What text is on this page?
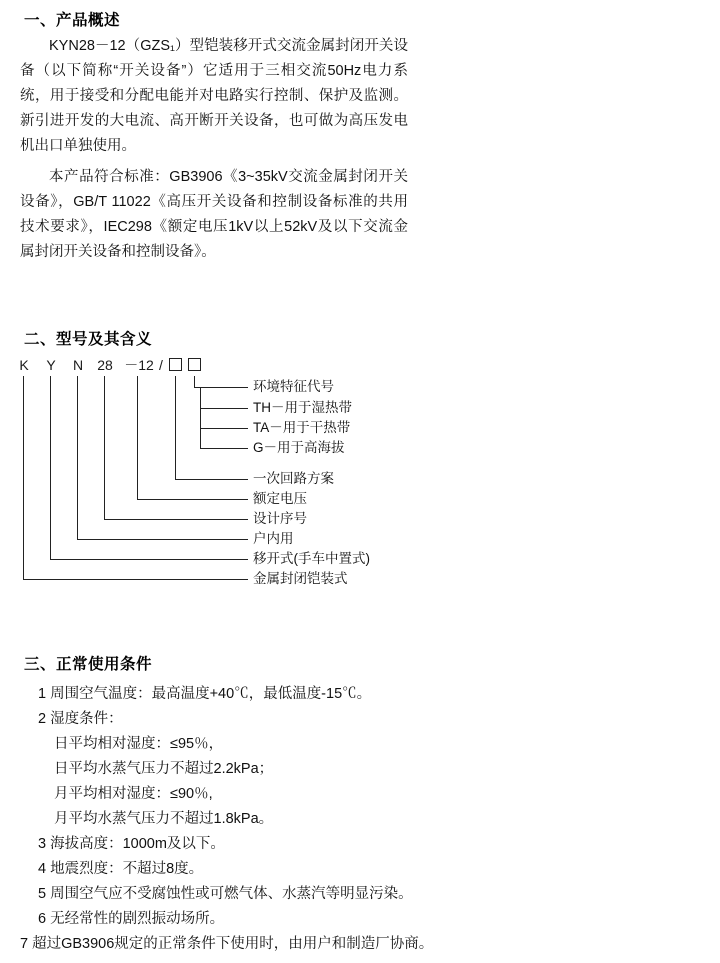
一、产品概述

KYN28－12（GZS₁）型铠装移开式交流金属封闭开关设备（以下简称“开关设备”）它适用于三相交流50Hz电力系统，用于接受和分配电能并对电路实行控制、保护及监测。新引进开发的大电流、高开断开关设备，也可做为高压发电机出口单独使用。

本产品符合标准：GB3906《3~35kV交流金属封闭开关设备》，GB/T 11022《高压开关设备和控制设备标准的共用技术要求》，IEC298《额定电压1kV以上52kV及以下交流金属封闭开关设备和控制设备》。

二、型号及其含义
K Y N 28 －12 /
环境特征代号
TH－用于湿热带
TA－用于干热带
G－用于高海拔
一次回路方案
额定电压
设计序号
户内用
移开式(手车中置式)
金属封闭铠装式
三、正常使用条件
1 周围空气温度：最高温度+40℃，最低温度-15℃。
2 湿度条件：
日平均相对湿度：≤95％，
日平均水蒸气压力不超过2.2kPa；
月平均相对湿度：≤90％,
月平均水蒸气压力不超过1.8kPa。
3 海拔高度：1000m及以下。
4 地震烈度：不超过8度。
5 周围空气应不受腐蚀性或可燃气体、水蒸汽等明显污染。
6 无经常性的剧烈振动场所。
7 超过GB3906规定的正常条件下使用时，由用户和制造厂协商。
